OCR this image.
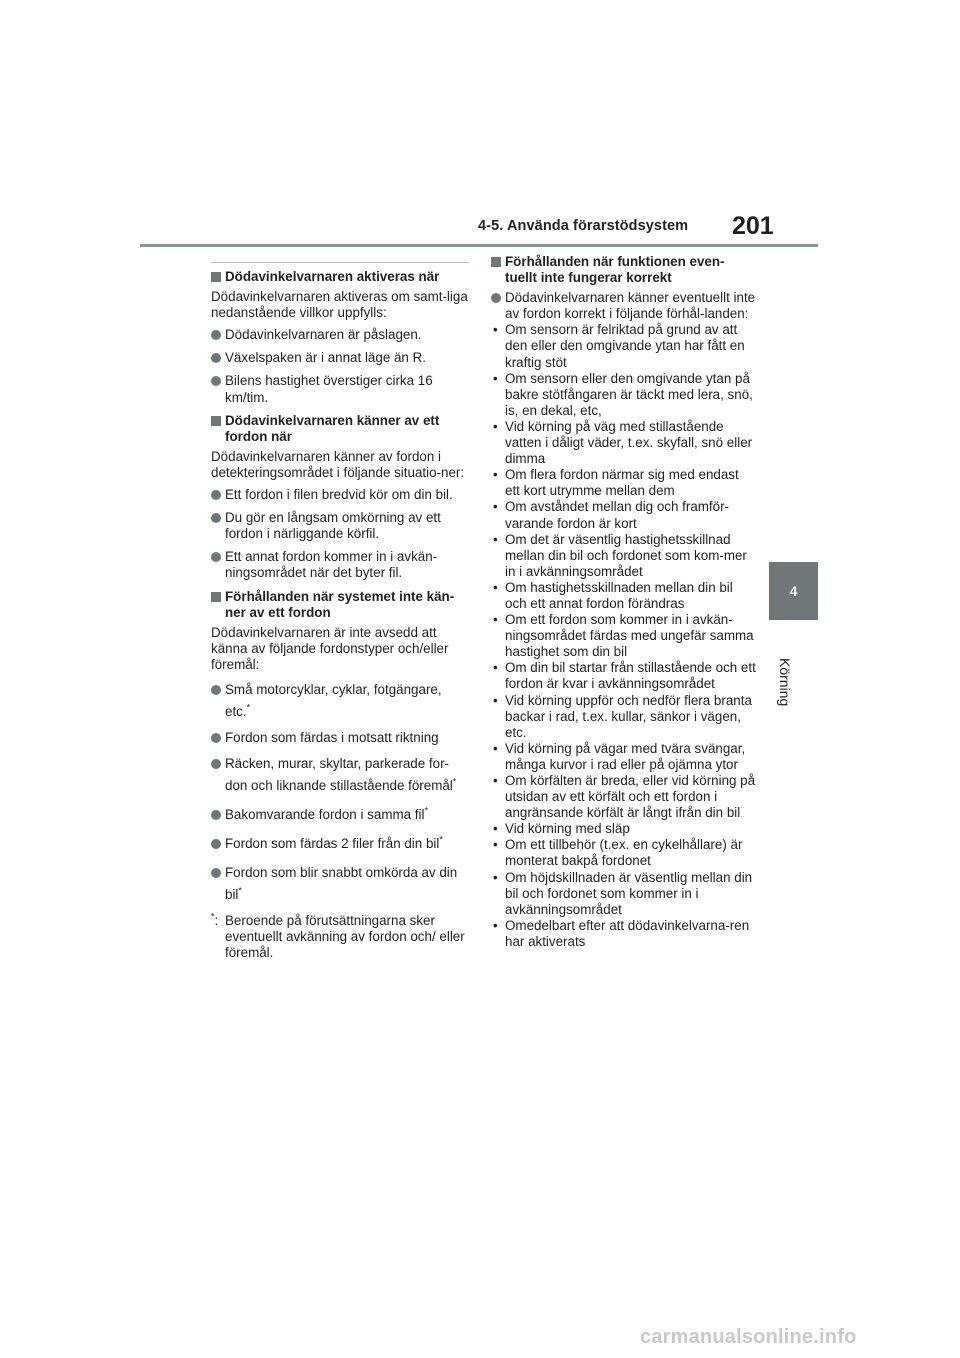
4-5. Använda förarstödsystem 201
4
Körning
Dödavinkelvarnaren aktiveras när
Dödavinkelvarnaren aktiveras om samt-liga nedanstående villkor uppfylls:
Dödavinkelvarnaren är påslagen.
Växelspaken är i annat läge än R.
Bilens hastighet överstiger cirka 16 km/tim.
Dödavinkelvarnaren känner av ett fordon när
Dödavinkelvarnaren känner av fordon i detekteringsområdet i följande situatio-ner:
Ett fordon i filen bredvid kör om din bil.
Du gör en långsam omkörning av ett fordon i närliggande körfil.
Ett annat fordon kommer in i avkän-ningsområdet när det byter fil.
Förhållanden när systemet inte kän-ner av ett fordon
Dödavinkelvarnaren är inte avsedd att känna av följande fordonstyper och/eller föremål:
Små motorcyklar, cyklar, fotgängare, etc.*
Fordon som färdas i motsatt riktning
Räcken, murar, skyltar, parkerade for-don och liknande stillastående föremål*
Bakomvarande fordon i samma fil*
Fordon som färdas 2 filer från din bil*
Fordon som blir snabbt omkörda av din bil*
*: Beroende på förutsättningarna sker eventuellt avkänning av fordon och/ eller föremål.
Förhållanden när funktionen even-tuellt inte fungerar korrekt
Dödavinkelvarnaren känner eventuellt inte av fordon korrekt i följande förhål-landen:
• Om sensorn är felriktad på grund av att den eller den omgivande ytan har fått en kraftig stöt
• Om sensorn eller den omgivande ytan på bakre stötfångaren är täckt med lera, snö, is, en dekal, etc,
• Vid körning på väg med stillastående vatten i dåligt väder, t.ex. skyfall, snö eller dimma
• Om flera fordon närmar sig med endast ett kort utrymme mellan dem
• Om avståndet mellan dig och framför-varande fordon är kort
• Om det är väsentlig hastighetsskillnad mellan din bil och fordonet som kom-mer in i avkänningsområdet
• Om hastighetsskillnaden mellan din bil och ett annat fordon förändras
• Om ett fordon som kommer in i avkän-ningsområdet färdas med ungefär samma hastighet som din bil
• Om din bil startar från stillastående och ett fordon är kvar i avkänningsområdet
• Vid körning uppför och nedför flera branta backar i rad, t.ex. kullar, sänkor i vägen, etc.
• Vid körning på vägar med tvära svängar, många kurvor i rad eller på ojämna ytor
• Om körfälten är breda, eller vid körning på utsidan av ett körfält och ett fordon i angränsande körfält är långt ifrån din bil
• Vid körning med släp
• Om ett tillbehör (t.ex. en cykelhållare) är monterat bakpå fordonet
• Om höjdskillnaden är väsentlig mellan din bil och fordonet som kommer in i avkänningsområdet
• Omedelbart efter att dödavinkelvarna-ren har aktiverats
carmanualsonline.info
